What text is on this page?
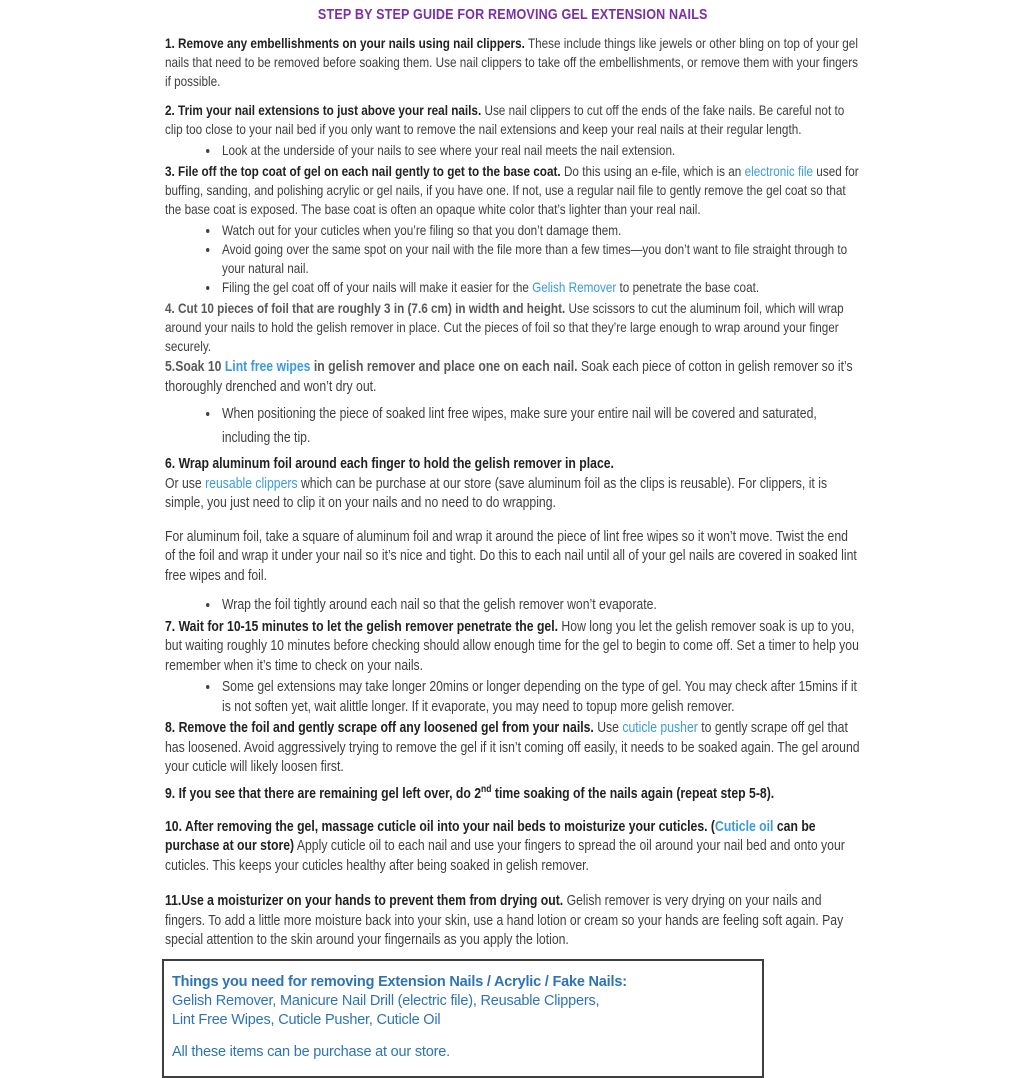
STEP BY STEP GUIDE FOR REMOVING GEL EXTENSION NAILS

1. Remove any embellishments on your nails using nail clippers. These include things like jewels or other bling on top of your gel nails that need to be removed before soaking them. Use nail clippers to take off the embellishments, or remove them with your fingers if possible.

2. Trim your nail extensions to just above your real nails. Use nail clippers to cut off the ends of the fake nails. Be careful not to clip too close to your nail bed if you only want to remove the nail extensions and keep your real nails at their regular length.

• Look at the underside of your nails to see where your real nail meets the nail extension.

3. File off the top coat of gel on each nail gently to get to the base coat. Do this using an e-file, which is an electronic file used for buffing, sanding, and polishing acrylic or gel nails, if you have one. If not, use a regular nail file to gently remove the gel coat so that the base coat is exposed. The base coat is often an opaque white color that’s lighter than your real nail.

• Watch out for your cuticles when you’re filing so that you don’t damage them.
• Avoid going over the same spot on your nail with the file more than a few times—you don’t want to file straight through to your natural nail.
• Filing the gel coat off of your nails will make it easier for the Gelish Remover to penetrate the base coat.

4. Cut 10 pieces of foil that are roughly 3 in (7.6 cm) in width and height. Use scissors to cut the aluminum foil, which will wrap around your nails to hold the gelish remover in place. Cut the pieces of foil so that they’re large enough to wrap around your finger securely.

5.Soak 10 Lint free wipes in gelish remover and place one on each nail. Soak each piece of cotton in gelish remover so it’s thoroughly drenched and won’t dry out.

• When positioning the piece of soaked lint free wipes, make sure your entire nail will be covered and saturated, including the tip.

6. Wrap aluminum foil around each finger to hold the gelish remover in place.

Or use reusable clippers which can be purchase at our store (save aluminum foil as the clips is reusable). For clippers, it is simple, you just need to clip it on your nails and no need to do wrapping.

For aluminum foil, take a square of aluminum foil and wrap it around the piece of lint free wipes so it won’t move. Twist the end of the foil and wrap it under your nail so it’s nice and tight. Do this to each nail until all of your gel nails are covered in soaked lint free wipes and foil.

• Wrap the foil tightly around each nail so that the gelish remover won’t evaporate.

7. Wait for 10-15 minutes to let the gelish remover penetrate the gel. How long you let the gelish remover soak is up to you, but waiting roughly 10 minutes before checking should allow enough time for the gel to begin to come off. Set a timer to help you remember when it’s time to check on your nails.

• Some gel extensions may take longer 20mins or longer depending on the type of gel. You may check after 15mins if it is not soften yet, wait alittle longer. If it evaporate, you may need to topup more gelish remover.

8. Remove the foil and gently scrape off any loosened gel from your nails. Use cuticle pusher to gently scrape off gel that has loosened. Avoid aggressively trying to remove the gel if it isn’t coming off easily, it needs to be soaked again. The gel around your cuticle will likely loosen first.

9. If you see that there are remaining gel left over, do 2nd time soaking of the nails again (repeat step 5-8).

10. After removing the gel, massage cuticle oil into your nail beds to moisturize your cuticles. (Cuticle oil can be purchase at our store) Apply cuticle oil to each nail and use your fingers to spread the oil around your nail bed and onto your cuticles. This keeps your cuticles healthy after being soaked in gelish remover.

11.Use a moisturizer on your hands to prevent them from drying out. Gelish remover is very drying on your nails and fingers. To add a little more moisture back into your skin, use a hand lotion or cream so your hands are feeling soft again. Pay special attention to the skin around your fingernails as you apply the lotion.

Things you need for removing Extension Nails / Acrylic / Fake Nails:
Gelish Remover, Manicure Nail Drill (electric file), Reusable Clippers,
Lint Free Wipes, Cuticle Pusher, Cuticle Oil
All these items can be purchase at our store.
